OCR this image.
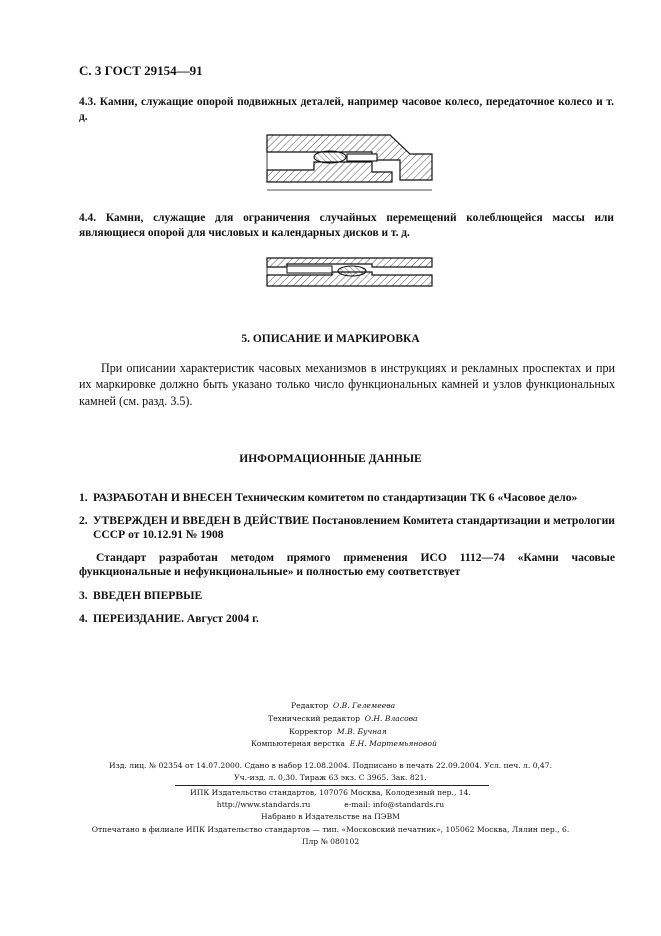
С. 3 ГОСТ 29154—91
4.3. Камни, служащие опорой подвижных деталей, например часовое колесо, передаточное колесо и т. д.
4.4. Камни, служащие для ограничения случайных перемещений колеблющейся массы или являющиеся опорой для числовых и календарных дисков и т. д.
5. ОПИСАНИЕ И МАРКИРОВКА
При описании характеристик часовых механизмов в инструкциях и рекламных проспектах и при их маркировке должно быть указано только число функциональных камней и узлов функциональных камней (см. разд. 3.5).
ИНФОРМАЦИОННЫЕ ДАННЫЕ
1. РАЗРАБОТАН И ВНЕСЕН Техническим комитетом по стандартизации ТК 6 «Часовое дело»
2. УТВЕРЖДЕН И ВВЕДЕН В ДЕЙСТВИЕ Постановлением Комитета стандартизации и метрологии
СССР от 10.12.91 № 1908
Стандарт разработан методом прямого применения ИСО 1112—74 «Камни часовые функциональные и нефункциональные» и полностью ему соответствует
3. ВВЕДЕН ВПЕРВЫЕ
4. ПЕРЕИЗДАНИЕ. Август 2004 г.
Редактор О.В. Гелемеева
Технический редактор О.Н. Власова
Корректор М.В. Бучная
Компьютерная верстка Е.Н. Мартемьяновой
Изд. лиц. № 02354 от 14.07.2000. Сдано в набор 12.08.2004. Подписано в печать 22.09.2004. Усл. печ. л. 0,47.
Уч.-изд. л. 0,30. Тираж 63 экз. С 3965. Зак. 821.
ИПК Издательство стандартов, 107076 Москва, Колодезный пер., 14.
http://www.standards.ru              e-mail: info@standards.ru
Набрано в Издательстве на ПЭВМ
Отпечатано в филиале ИПК Издательство стандартов — тип. «Московский печатник», 105062 Москва, Лялин пер., 6.
Плр № 080102
